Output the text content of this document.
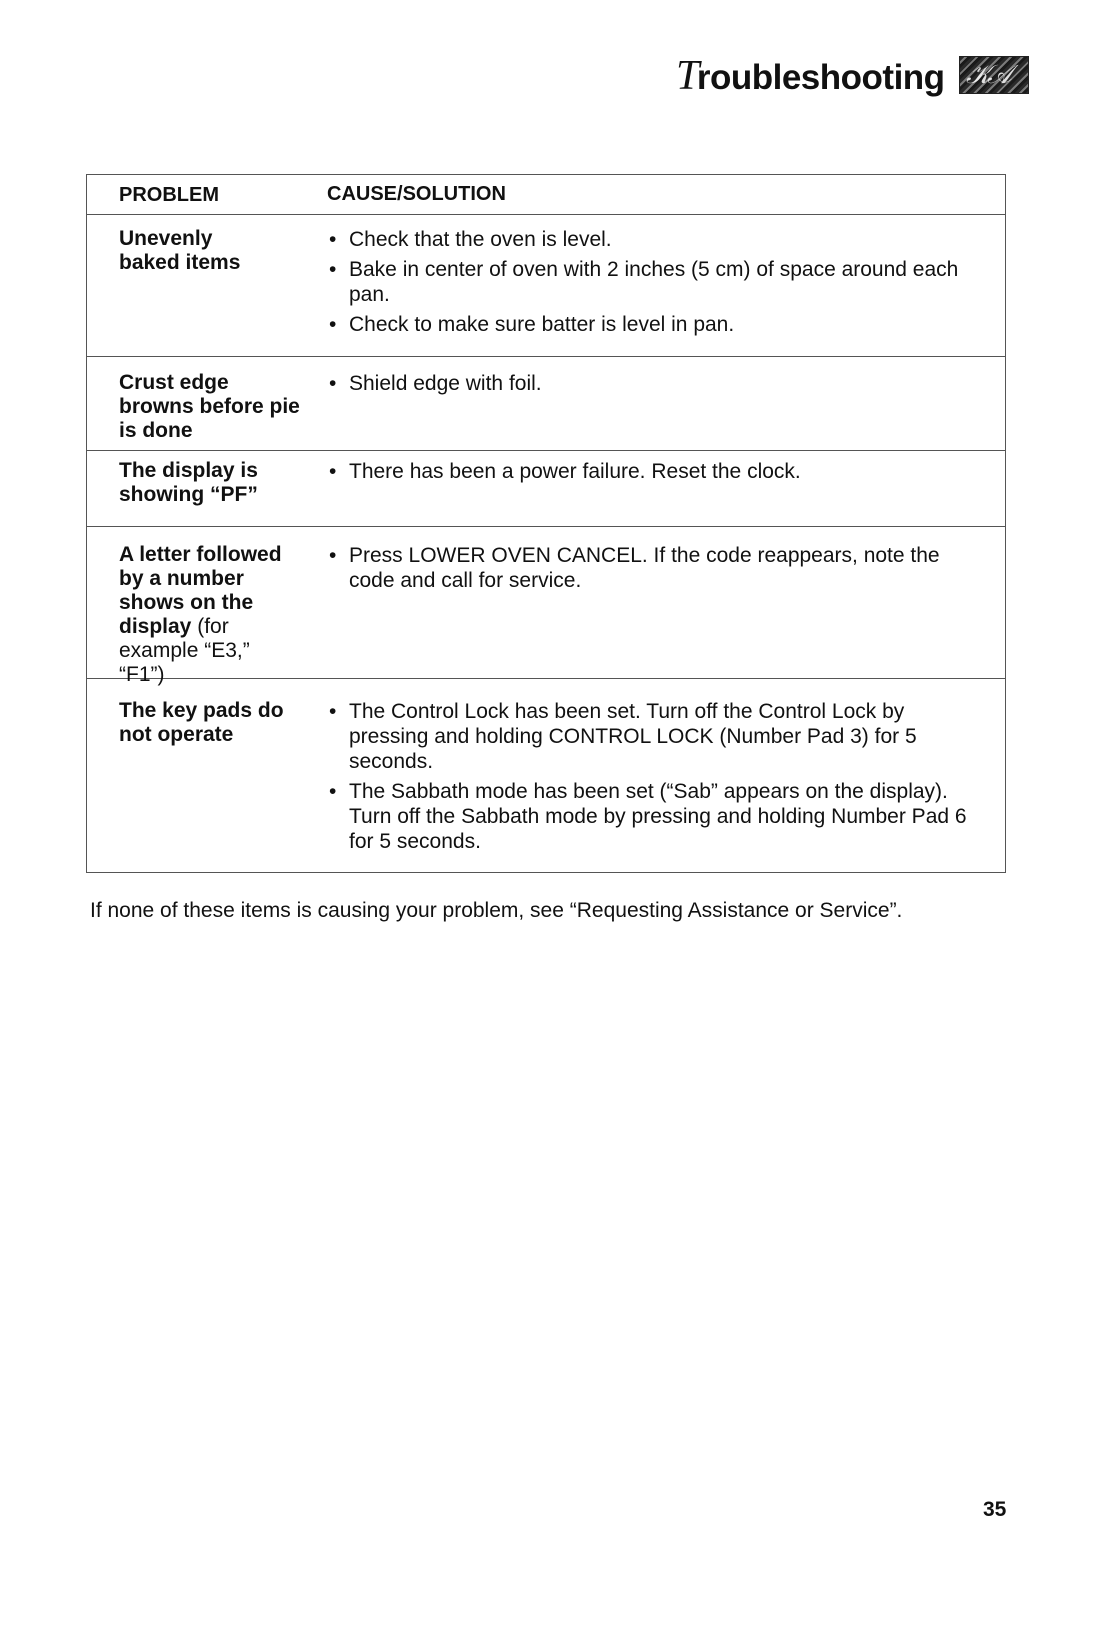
Troubleshooting 𝒦𝒜
PROBLEM	CAUSE/SOLUTION
Unevenly baked items
• Check that the oven is level.
• Bake in center of oven with 2 inches (5 cm) of space around each pan.
• Check to make sure batter is level in pan.
Crust edge browns before pie is done
• Shield edge with foil.
The display is showing “PF”
• There has been a power failure. Reset the clock.
A letter followed by a number shows on the display (for example “E3,” “F1”)
• Press LOWER OVEN CANCEL. If the code reappears, note the code and call for service.
The key pads do not operate
• The Control Lock has been set. Turn off the Control Lock by pressing and holding CONTROL LOCK (Number Pad 3) for 5 seconds.
• The Sabbath mode has been set (“Sab” appears on the display). Turn off the Sabbath mode by pressing and holding Number Pad 6 for 5 seconds.
If none of these items is causing your problem, see “Requesting Assistance or Service”.
35
